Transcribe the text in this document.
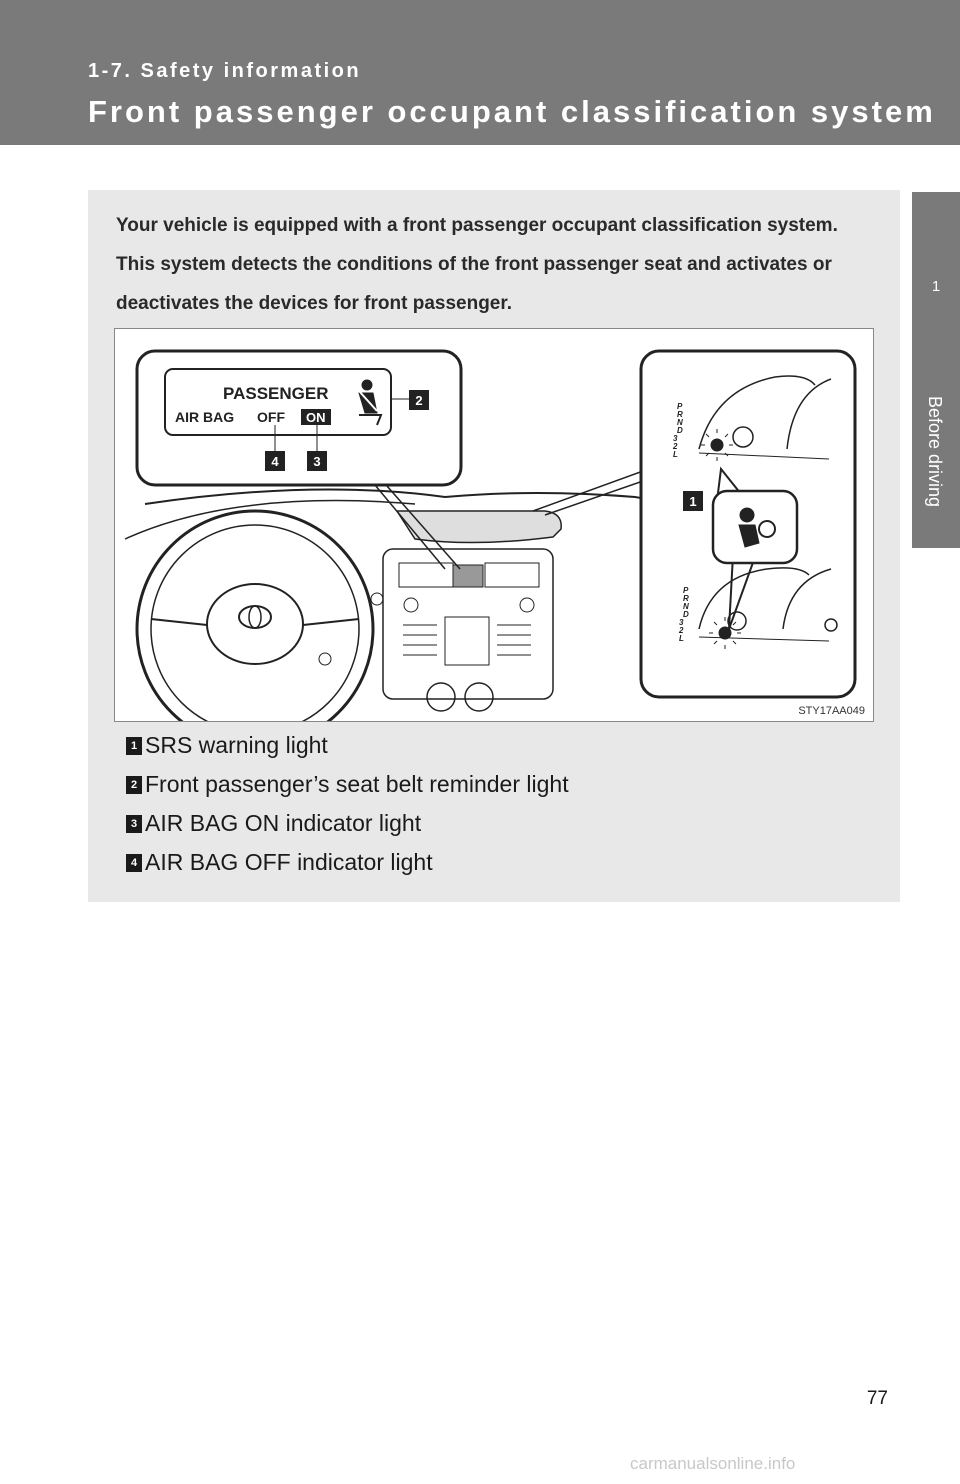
1-7. Safety information
Front passenger occupant classification system
1
Before driving
Your vehicle is equipped with a front passenger occupant classification system. This system detects the conditions of the front passenger seat and activates or deactivates the devices for front passenger.
PASSENGER
AIR BAG OFF ON
2
4	3
P
R
N
D
3
2
L
1
P
R
N
D
3
2
L
STY17AA049
1 SRS warning light
2 Front passenger’s seat belt reminder light
3 AIR BAG ON indicator light
4 AIR BAG OFF indicator light
77
carmanualsonline.info
